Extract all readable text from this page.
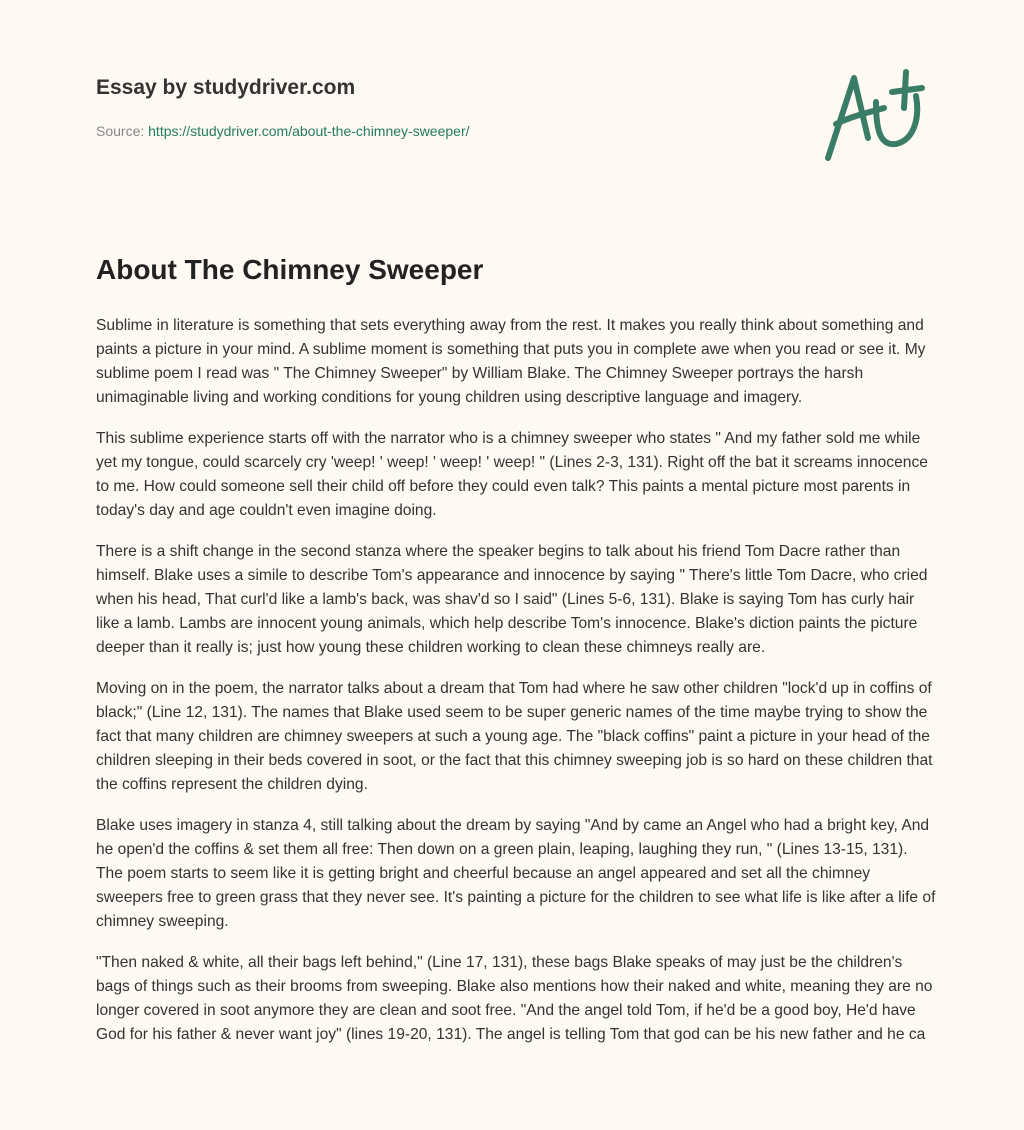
Essay by studydriver.com
Source: https://studydriver.com/about-the-chimney-sweeper/
About The Chimney Sweeper

Sublime in literature is something that sets everything away from the rest. It makes you really think about something and paints a picture in your mind. A sublime moment is something that puts you in complete awe when you read or see it. My sublime poem I read was " The Chimney Sweeper" by William Blake. The Chimney Sweeper portrays the harsh unimaginable living and working conditions for young children using descriptive language and imagery.

This sublime experience starts off with the narrator who is a chimney sweeper who states " And my father sold me while yet my tongue, could scarcely cry 'weep! ' weep! ' weep! ' weep! " (Lines 2-3, 131). Right off the bat it screams innocence to me. How could someone sell their child off before they could even talk? This paints a mental picture most parents in today's day and age couldn't even imagine doing.

There is a shift change in the second stanza where the speaker begins to talk about his friend Tom Dacre rather than himself. Blake uses a simile to describe Tom's appearance and innocence by saying " There's little Tom Dacre, who cried when his head, That curl'd like a lamb's back, was shav'd so I said" (Lines 5-6, 131). Blake is saying Tom has curly hair like a lamb. Lambs are innocent young animals, which help describe Tom's innocence. Blake's diction paints the picture deeper than it really is; just how young these children working to clean these chimneys really are.

Moving on in the poem, the narrator talks about a dream that Tom had where he saw other children "lock'd up in coffins of black;" (Line 12, 131). The names that Blake used seem to be super generic names of the time maybe trying to show the fact that many children are chimney sweepers at such a young age. The "black coffins" paint a picture in your head of the children sleeping in their beds covered in soot, or the fact that this chimney sweeping job is so hard on these children that the coffins represent the children dying.

Blake uses imagery in stanza 4, still talking about the dream by saying "And by came an Angel who had a bright key, And he open'd the coffins & set them all free: Then down on a green plain, leaping, laughing they run, " (Lines 13-15, 131). The poem starts to seem like it is getting bright and cheerful because an angel appeared and set all the chimney sweepers free to green grass that they never see. It's painting a picture for the children to see what life is like after a life of chimney sweeping.

"Then naked & white, all their bags left behind," (Line 17, 131), these bags Blake speaks of may just be the children's bags of things such as their brooms from sweeping. Blake also mentions how their naked and white, meaning they are no longer covered in soot anymore they are clean and soot free. "And the angel told Tom, if he'd be a good boy, He'd have God for his father & never want joy" (lines 19-20, 131). The angel is telling Tom that god can be his new father and he ca
